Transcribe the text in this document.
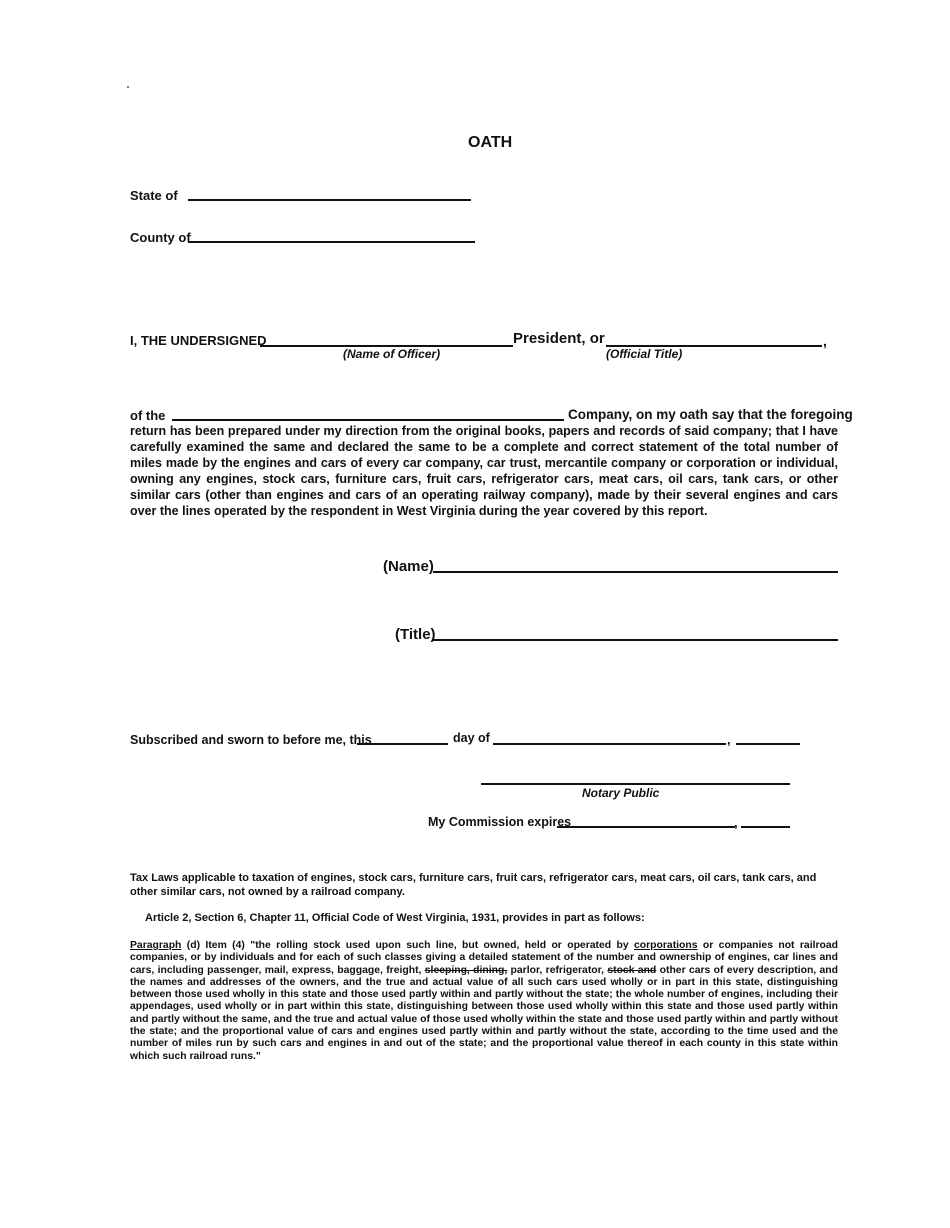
OATH
State of
County of
I, THE UNDERSIGNED
(Name of Officer)
President, or	,
(Official Title)
of the	Company, on my oath say that the foregoing
return has been prepared under my direction from the original books, papers and records of said company; that I have carefully examined the same and declared the same to be a complete and correct statement of the total number of miles made by the engines and cars of every car company, car trust, mercantile company or corporation or individual, owning any engines, stock cars, furniture cars, fruit cars, refrigerator cars, meat cars, oil cars, tank cars, or other similar cars (other than engines and cars of an operating railway company), made by their several engines and cars over the lines operated by the respondent in West Virginia during the year covered by this report.
(Name)
(Title)
Subscribed and sworn to before me, this	day of	,
Notary Public
My Commission expires	,
Tax Laws applicable to taxation of engines, stock cars, furniture cars, fruit cars, refrigerator cars, meat cars, oil cars, tank cars, and other similar cars, not owned by a railroad company.
Article 2, Section 6, Chapter 11, Official Code of West Virginia, 1931, provides in part as follows:
Paragraph (d) Item (4) "the rolling stock used upon such line, but owned, held or operated by corporations or companies not railroad companies, or by individuals and for each of such classes giving a detailed statement of the number and ownership of engines, car lines and cars, including passenger, mail, express, baggage, freight, sleeping, dining, parlor, refrigerator, stock and other cars of every description, and the names and addresses of the owners, and the true and actual value of all such cars used wholly or in part in this state, distinguishing between those used wholly in this state and those used partly within and partly without the state; the whole number of engines, including their appendages, used wholly or in part within this state, distinguishing between those used wholly within this state and those used partly within and partly without the same, and the true and actual value of those used wholly within the state and those used partly within and partly without the state; and the proportional value of cars and engines used partly within and partly without the state, according to the time used and the number of miles run by such cars and engines in and out of the state; and the proportional value thereof in each county in this state within which such railroad runs."
